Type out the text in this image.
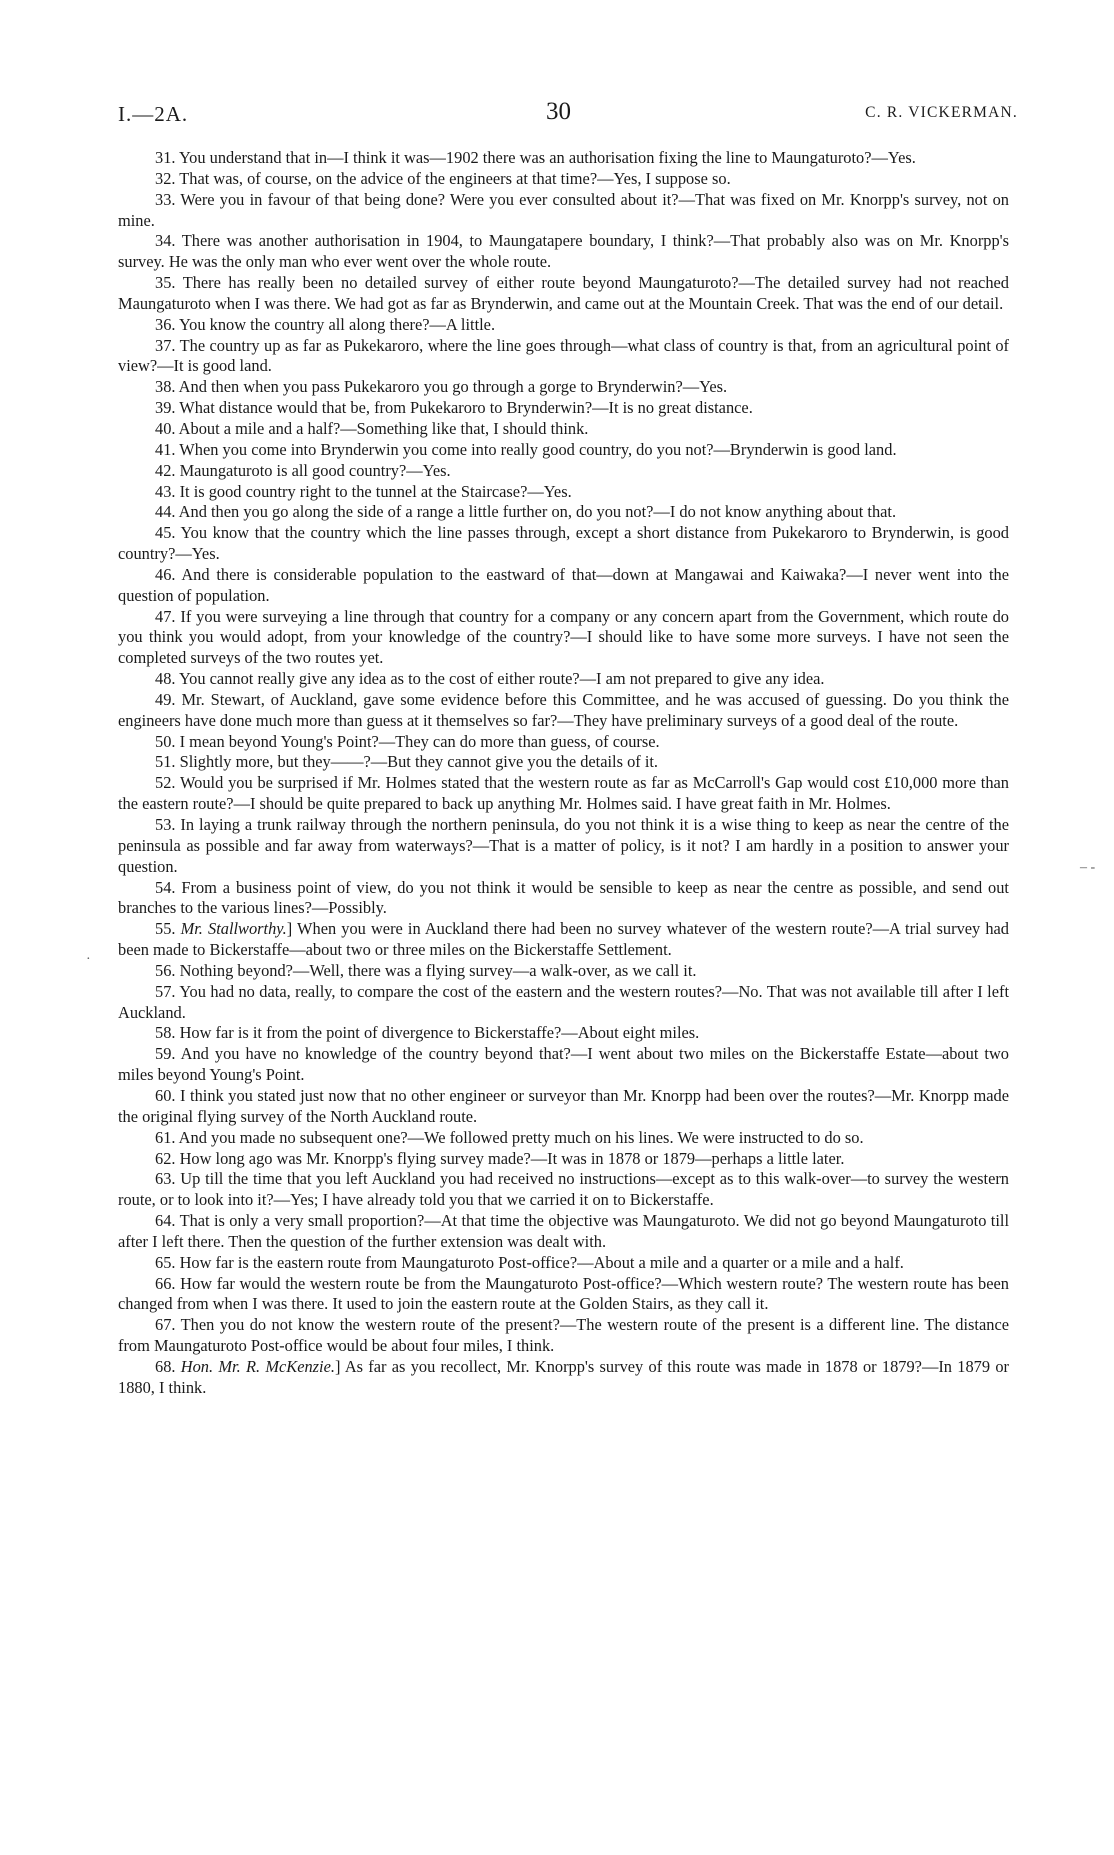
I.—2A.	30	C. R. VICKERMAN.

31. You understand that in—I think it was—1902 there was an authorisation fixing the line to Maungaturoto?—Yes.

32. That was, of course, on the advice of the engineers at that time?—Yes, I suppose so.

33. Were you in favour of that being done? Were you ever consulted about it?—That was fixed on Mr. Knorpp's survey, not on mine.

34. There was another authorisation in 1904, to Maungatapere boundary, I think?—That probably also was on Mr. Knorpp's survey. He was the only man who ever went over the whole route.

35. There has really been no detailed survey of either route beyond Maungaturoto?—The detailed survey had not reached Maungaturoto when I was there. We had got as far as Brynderwin, and came out at the Mountain Creek. That was the end of our detail.

36. You know the country all along there?—A little.

37. The country up as far as Pukekaroro, where the line goes through—what class of country is that, from an agricultural point of view?—It is good land.

38. And then when you pass Pukekaroro you go through a gorge to Brynderwin?—Yes.

39. What distance would that be, from Pukekaroro to Brynderwin?—It is no great distance.

40. About a mile and a half?—Something like that, I should think.

41. When you come into Brynderwin you come into really good country, do you not?—Brynderwin is good land.

42. Maungaturoto is all good country?—Yes.

43. It is good country right to the tunnel at the Staircase?—Yes.

44. And then you go along the side of a range a little further on, do you not?—I do not know anything about that.

45. You know that the country which the line passes through, except a short distance from Pukekaroro to Brynderwin, is good country?—Yes.

46. And there is considerable population to the eastward of that—down at Mangawai and Kaiwaka?—I never went into the question of population.

47. If you were surveying a line through that country for a company or any concern apart from the Government, which route do you think you would adopt, from your knowledge of the country?—I should like to have some more surveys. I have not seen the completed surveys of the two routes yet.

48. You cannot really give any idea as to the cost of either route?—I am not prepared to give any idea.

49. Mr. Stewart, of Auckland, gave some evidence before this Committee, and he was accused of guessing. Do you think the engineers have done much more than guess at it themselves so far?—They have preliminary surveys of a good deal of the route.

50. I mean beyond Young's Point?—They can do more than guess, of course.

51. Slightly more, but they——?—But they cannot give you the details of it.

52. Would you be surprised if Mr. Holmes stated that the western route as far as McCarroll's Gap would cost £10,000 more than the eastern route?—I should be quite prepared to back up anything Mr. Holmes said. I have great faith in Mr. Holmes.

53. In laying a trunk railway through the northern peninsula, do you not think it is a wise thing to keep as near the centre of the peninsula as possible and far away from waterways?—That is a matter of policy, is it not? I am hardly in a position to answer your question.

54. From a business point of view, do you not think it would be sensible to keep as near the centre as possible, and send out branches to the various lines?—Possibly.

55. Mr. Stallworthy.] When you were in Auckland there had been no survey whatever of the western route?—A trial survey had been made to Bickerstaffe—about two or three miles on the Bickerstaffe Settlement.

56. Nothing beyond?—Well, there was a flying survey—a walk-over, as we call it.

57. You had no data, really, to compare the cost of the eastern and the western routes?—No. That was not available till after I left Auckland.

58. How far is it from the point of divergence to Bickerstaffe?—About eight miles.

59. And you have no knowledge of the country beyond that?—I went about two miles on the Bickerstaffe Estate—about two miles beyond Young's Point.

60. I think you stated just now that no other engineer or surveyor than Mr. Knorpp had been over the routes?—Mr. Knorpp made the original flying survey of the North Auckland route.

61. And you made no subsequent one?—We followed pretty much on his lines. We were instructed to do so.

62. How long ago was Mr. Knorpp's flying survey made?—It was in 1878 or 1879—perhaps a little later.

63. Up till the time that you left Auckland you had received no instructions—except as to this walk-over—to survey the western route, or to look into it?—Yes; I have already told you that we carried it on to Bickerstaffe.

64. That is only a very small proportion?—At that time the objective was Maungaturoto. We did not go beyond Maungaturoto till after I left there. Then the question of the further extension was dealt with.

65. How far is the eastern route from Maungaturoto Post-office?—About a mile and a quarter or a mile and a half.

66. How far would the western route be from the Maungaturoto Post-office?—Which western route? The western route has been changed from when I was there. It used to join the eastern route at the Golden Stairs, as they call it.

67. Then you do not know the western route of the present?—The western route of the present is a different line. The distance from Maungaturoto Post-office would be about four miles, I think.

68. Hon. Mr. R. McKenzie.] As far as you recollect, Mr. Knorpp's survey of this route was made in 1878 or 1879?—In 1879 or 1880, I think.

– ‐
·
